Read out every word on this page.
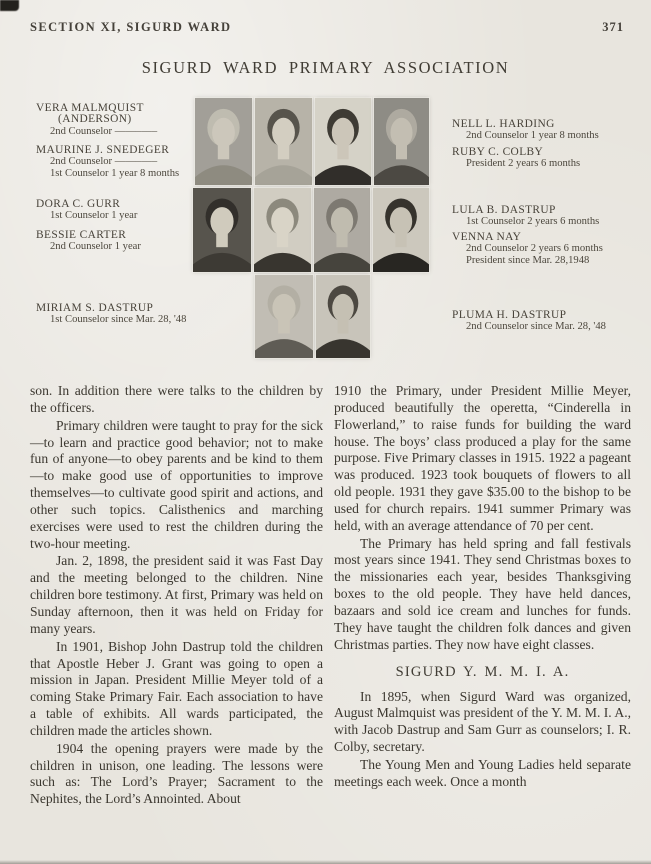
SECTION XI, SIGURD WARD	371
SIGURD WARD PRIMARY ASSOCIATION
VERA MALMQUIST
(ANDERSON)
2nd Counselor ––––––––
MAURINE J. SNEDEGER
2nd Counselor ––––––––
1st Counselor 1 year 8 months
DORA C. GURR
1st Counselor 1 year
BESSIE CARTER
2nd Counselor 1 year
MIRIAM S. DASTRUP
1st Counselor since Mar. 28, '48
NELL L. HARDING
2nd Counselor 1 year 8 months
RUBY C. COLBY
President 2 years 6 months
LULA B. DASTRUP
1st Counselor 2 years 6 months
VENNA NAY
2nd Counselor 2 years 6 months
President since Mar. 28,1948
PLUMA H. DASTRUP
2nd Counselor since Mar. 28, '48

son. In addition there were talks to the children by the officers.

Primary children were taught to pray for the sick—to learn and practice good behavior; not to make fun of anyone—to obey parents and be kind to them—to make good use of opportunities to improve themselves—to cultivate good spirit and actions, and other such topics. Calisthenics and marching exercises were used to rest the children during the two-hour meeting.

Jan. 2, 1898, the president said it was Fast Day and the meeting belonged to the children. Nine children bore testimony. At first, Primary was held on Sunday afternoon, then it was held on Friday for many years.

In 1901, Bishop John Dastrup told the children that Apostle Heber J. Grant was going to open a mission in Japan. President Millie Meyer told of a coming Stake Primary Fair. Each association to have a table of exhibits. All wards participated, the children made the articles shown.

1904 the opening prayers were made by the children in unison, one leading. The lessons were such as: The Lord’s Prayer; Sacrament to the Nephites, the Lord’s Annointed. About

1910 the Primary, under President Millie Meyer, produced beautifully the operetta, “Cinderella in Flowerland,” to raise funds for building the ward house. The boys’ class produced a play for the same purpose. Five Primary classes in 1915. 1922 a pageant was produced. 1923 took bouquets of flowers to all old people. 1931 they gave $35.00 to the bishop to be used for church repairs. 1941 summer Primary was held, with an average attendance of 70 per cent.

The Primary has held spring and fall festivals most years since 1941. They send Christmas boxes to the missionaries each year, besides Thanksgiving boxes to the old people. They have held dances, bazaars and sold ice cream and lunches for funds. They have taught the children folk dances and given Christmas parties. They now have eight classes.

SIGURD Y. M. M. I. A.

In 1895, when Sigurd Ward was organized, August Malmquist was president of the Y. M. M. I. A., with Jacob Dastrup and Sam Gurr as counselors; I. R. Colby, secretary.

The Young Men and Young Ladies held separate meetings each week. Once a month
